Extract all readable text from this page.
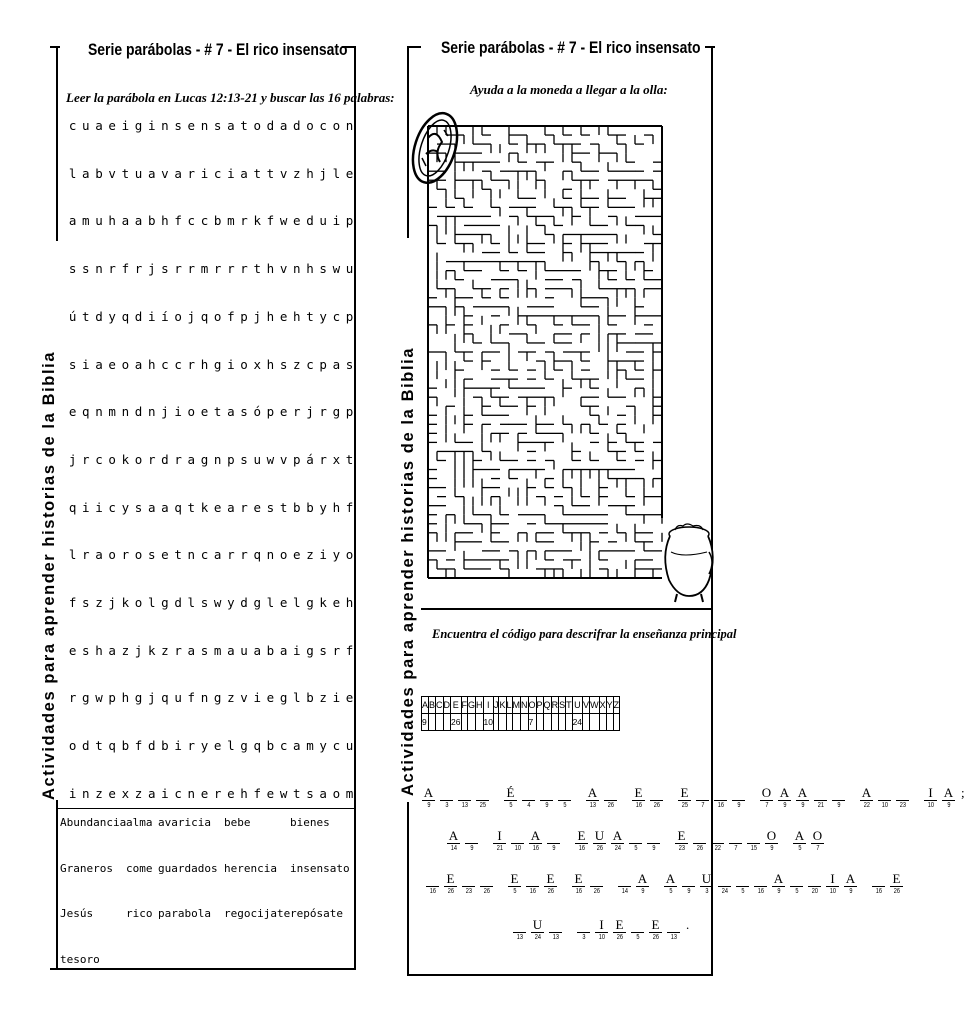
Serie parábolas - # 7 - El rico insensato
Leer la parábola en Lucas 12:13-21 y buscar las 16 palabras:
Actividades para aprender historias de la Biblia
c u a e i g i n s e n s a t o d a d o c o n
l a b v t u a v a r i c i a t t v z h j l e
a m u h a a b h f c c b m r k f w e d u i p
s s n r f r j s r r m r r r t h v n h s w u
ú t d y q d i í o j q o f p j h e h t y c p
s i a e o a h c c r h g i o x h s z c p a s
e q n m n d n j i o e t a s ó p e r j r g p
j r c o k o r d r a g n p s u w v p á r x t
q i i c y s a a q t k e a r e s t b b y h f
l r a o r o s e t n c a r r q n o e z i y o
f s z j k o l g d l s w y d g l e l g k e h
e s h a z j k z r a s m a u a b a i g s r f
r g w p h g j q u f n g z v i e g l b z i e
o d t q b f d b i r y e l g q b c a m y c u
i n z e x z a i c n e r e h f e w t s a o m
Abundancia alma avaricia bebe	bienes
Graneros come guardados herencia insensato
Jesús	rico parabola regocijate repósate
tesoro
Serie parábolas - # 7 - El rico insensato
Ayuda a la moneda a llegar a la olla:
Actividades para aprender historias de la Biblia Encuentra el código para descrifrar la enseñanza principal
A	B	C	D	E	F	G	H	I	J	K	L	M	N	O	P	Q	R	S	T	U	V	W	X	Y	Z
9				26				10						7						24					
A
9 3 13 25
É
5 4 9 5
A
13 26
E
16 26
E
25 7 16 9
O
7
A
9
A
9 21 9
A
22 10 23
I
10
A
9
;
A
14 9
I
21 10
A
16 9
E
16
U
26
A
24 5 9
E
23 26 22 7 15
O
9
A
5
O
7
16
E
26 23 26
E
5 16
E
26
E
16 26	14
A
9
A
5 9
U
3 24 5 16
A
9 5 20
I
10
A
9	16
E
26
13
U
24 13	3
I
10
E
26 5
E
26 13
.
